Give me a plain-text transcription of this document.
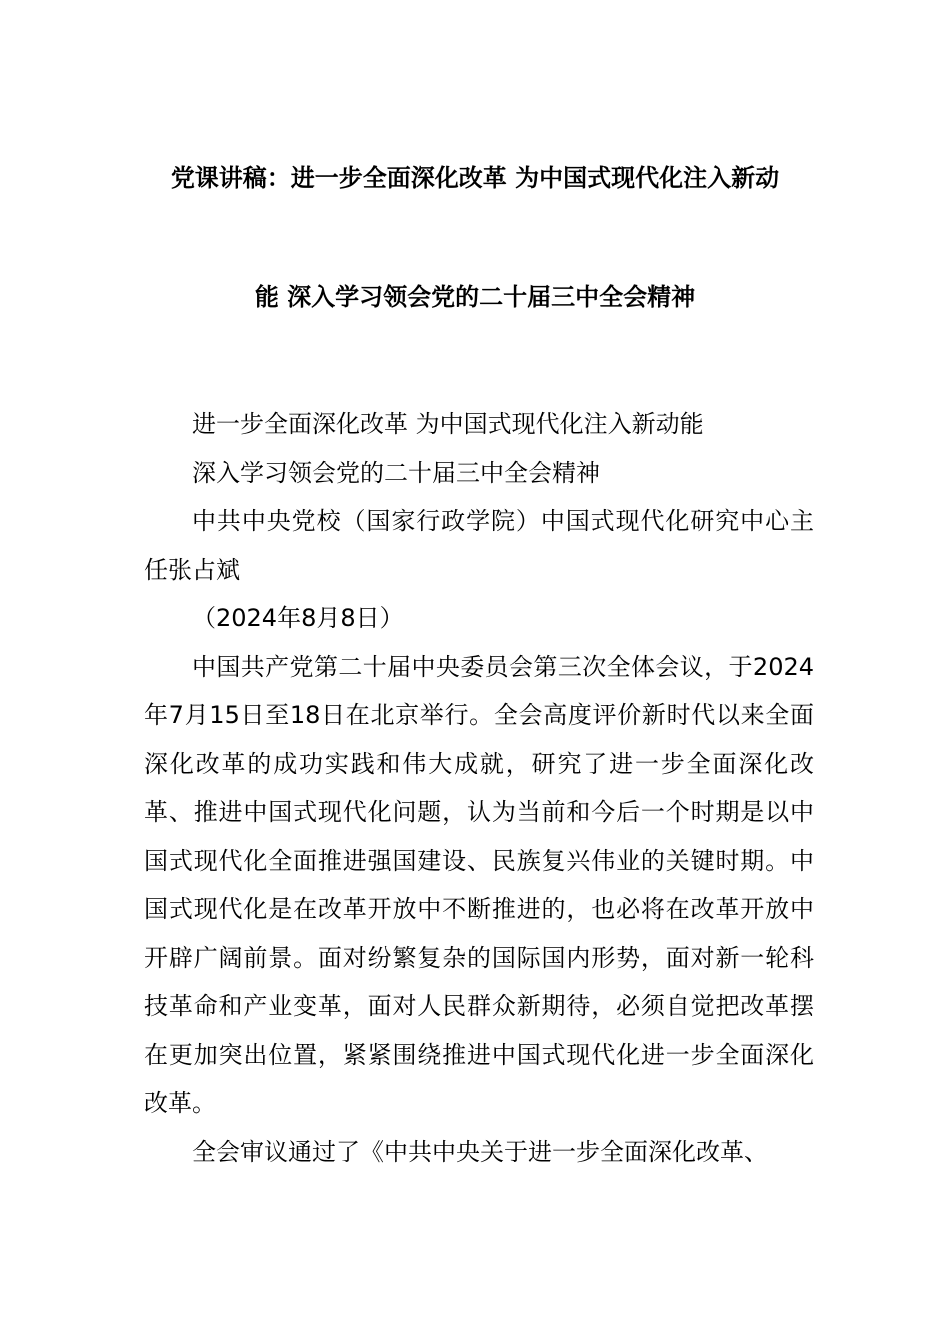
党课讲稿：进一步全面深化改革 为中国式现代化注入新动
能 深入学习领会党的二十届三中全会精神

进一步全面深化改革 为中国式现代化注入新动能

深入学习领会党的二十届三中全会精神

中共中央党校（国家行政学院）中国式现代化研究中心主任张占斌

（2024年8月8日）

中国共产党第二十届中央委员会第三次全体会议，于2024年7月15日至18日在北京举行。全会高度评价新时代以来全面深化改革的成功实践和伟大成就，研究了进一步全面深化改革、推进中国式现代化问题，认为当前和今后一个时期是以中国式现代化全面推进强国建设、民族复兴伟业的关键时期。中国式现代化是在改革开放中不断推进的，也必将在改革开放中开辟广阔前景。面对纷繁复杂的国际国内形势，面对新一轮科技革命和产业变革，面对人民群众新期待，必须自觉把改革摆在更加突出位置，紧紧围绕推进中国式现代化进一步全面深化改革。

全会审议通过了《中共中央关于进一步全面深化改革、
